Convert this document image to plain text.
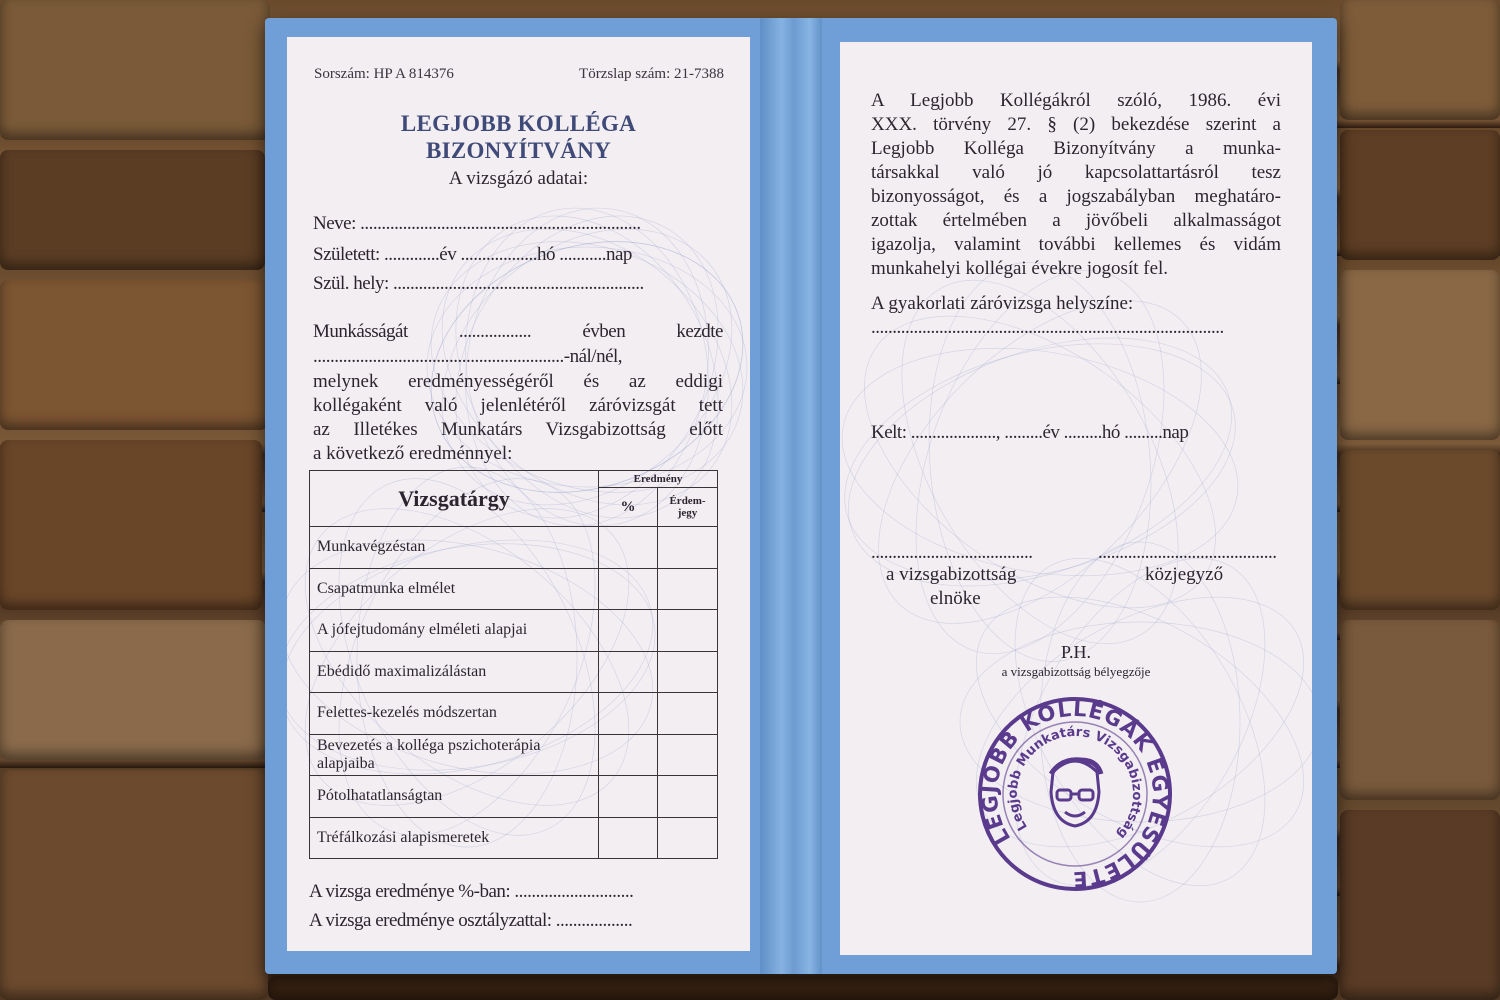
Sorszám: HP A 814376	Törzslap szám: 21-7388
LEGJOBB KOLLÉGA
BIZONYÍTVÁNY
A vizsgázó adatai:
Neve: ..................................................................
Született: .............év ..................hó ...........nap
Szül. hely: ...........................................................
Munkásságát ................. évben kezdte
...........................................................-nál/nél,
melynek eredményességéről és az eddigi
kollégaként való jelenlétéről záróvizsgát tett
az Illetékes Munkatárs Vizsgabizottság előtt
a következő eredménnyel:
Vizsgatárgy	Eredmény	
	%	Érdem-
jegy
Munkavégzéstan		
Csapatmunka elmélet		
A jófejtudomány elméleti alapjai		
Ebédidő maximalizálástan		
Felettes-kezelés módszertan		
Bevezetés a kolléga pszichoterápia alapjaiba		
Pótolhatatlanságtan		
Tréfálkozási alapismeretek		
A vizsga eredménye %-ban: ............................
A vizsga eredménye osztályzattal: ..................
A Legjobb Kollégákról szóló, 1986. évi
XXX. törvény 27. § (2) bekezdése szerint a
Legjobb Kolléga Bizonyítvány a munka-
társakkal való jó kapcsolattartásról tesz
bizonyosságot, és a jogszabályban meghatáro-
zottak értelmében a jövőbeli alkalmasságot
igazolja, valamint további kellemes és vidám
munkahelyi kollégai évekre jogosít fel.
A gyakorlati záróvizsga helyszíne:
...................................................................................
Kelt: ...................., .........év .........hó .........nap
......................................	..........................................
a vizsgabizottság
elnöke
közjegyző
P.H.
a vizsgabizottság bélyegzője
LEGJOBB KOLLÉGÁK EGYESÜLETE
Legjobb Munkatárs Vizsgabizottság
